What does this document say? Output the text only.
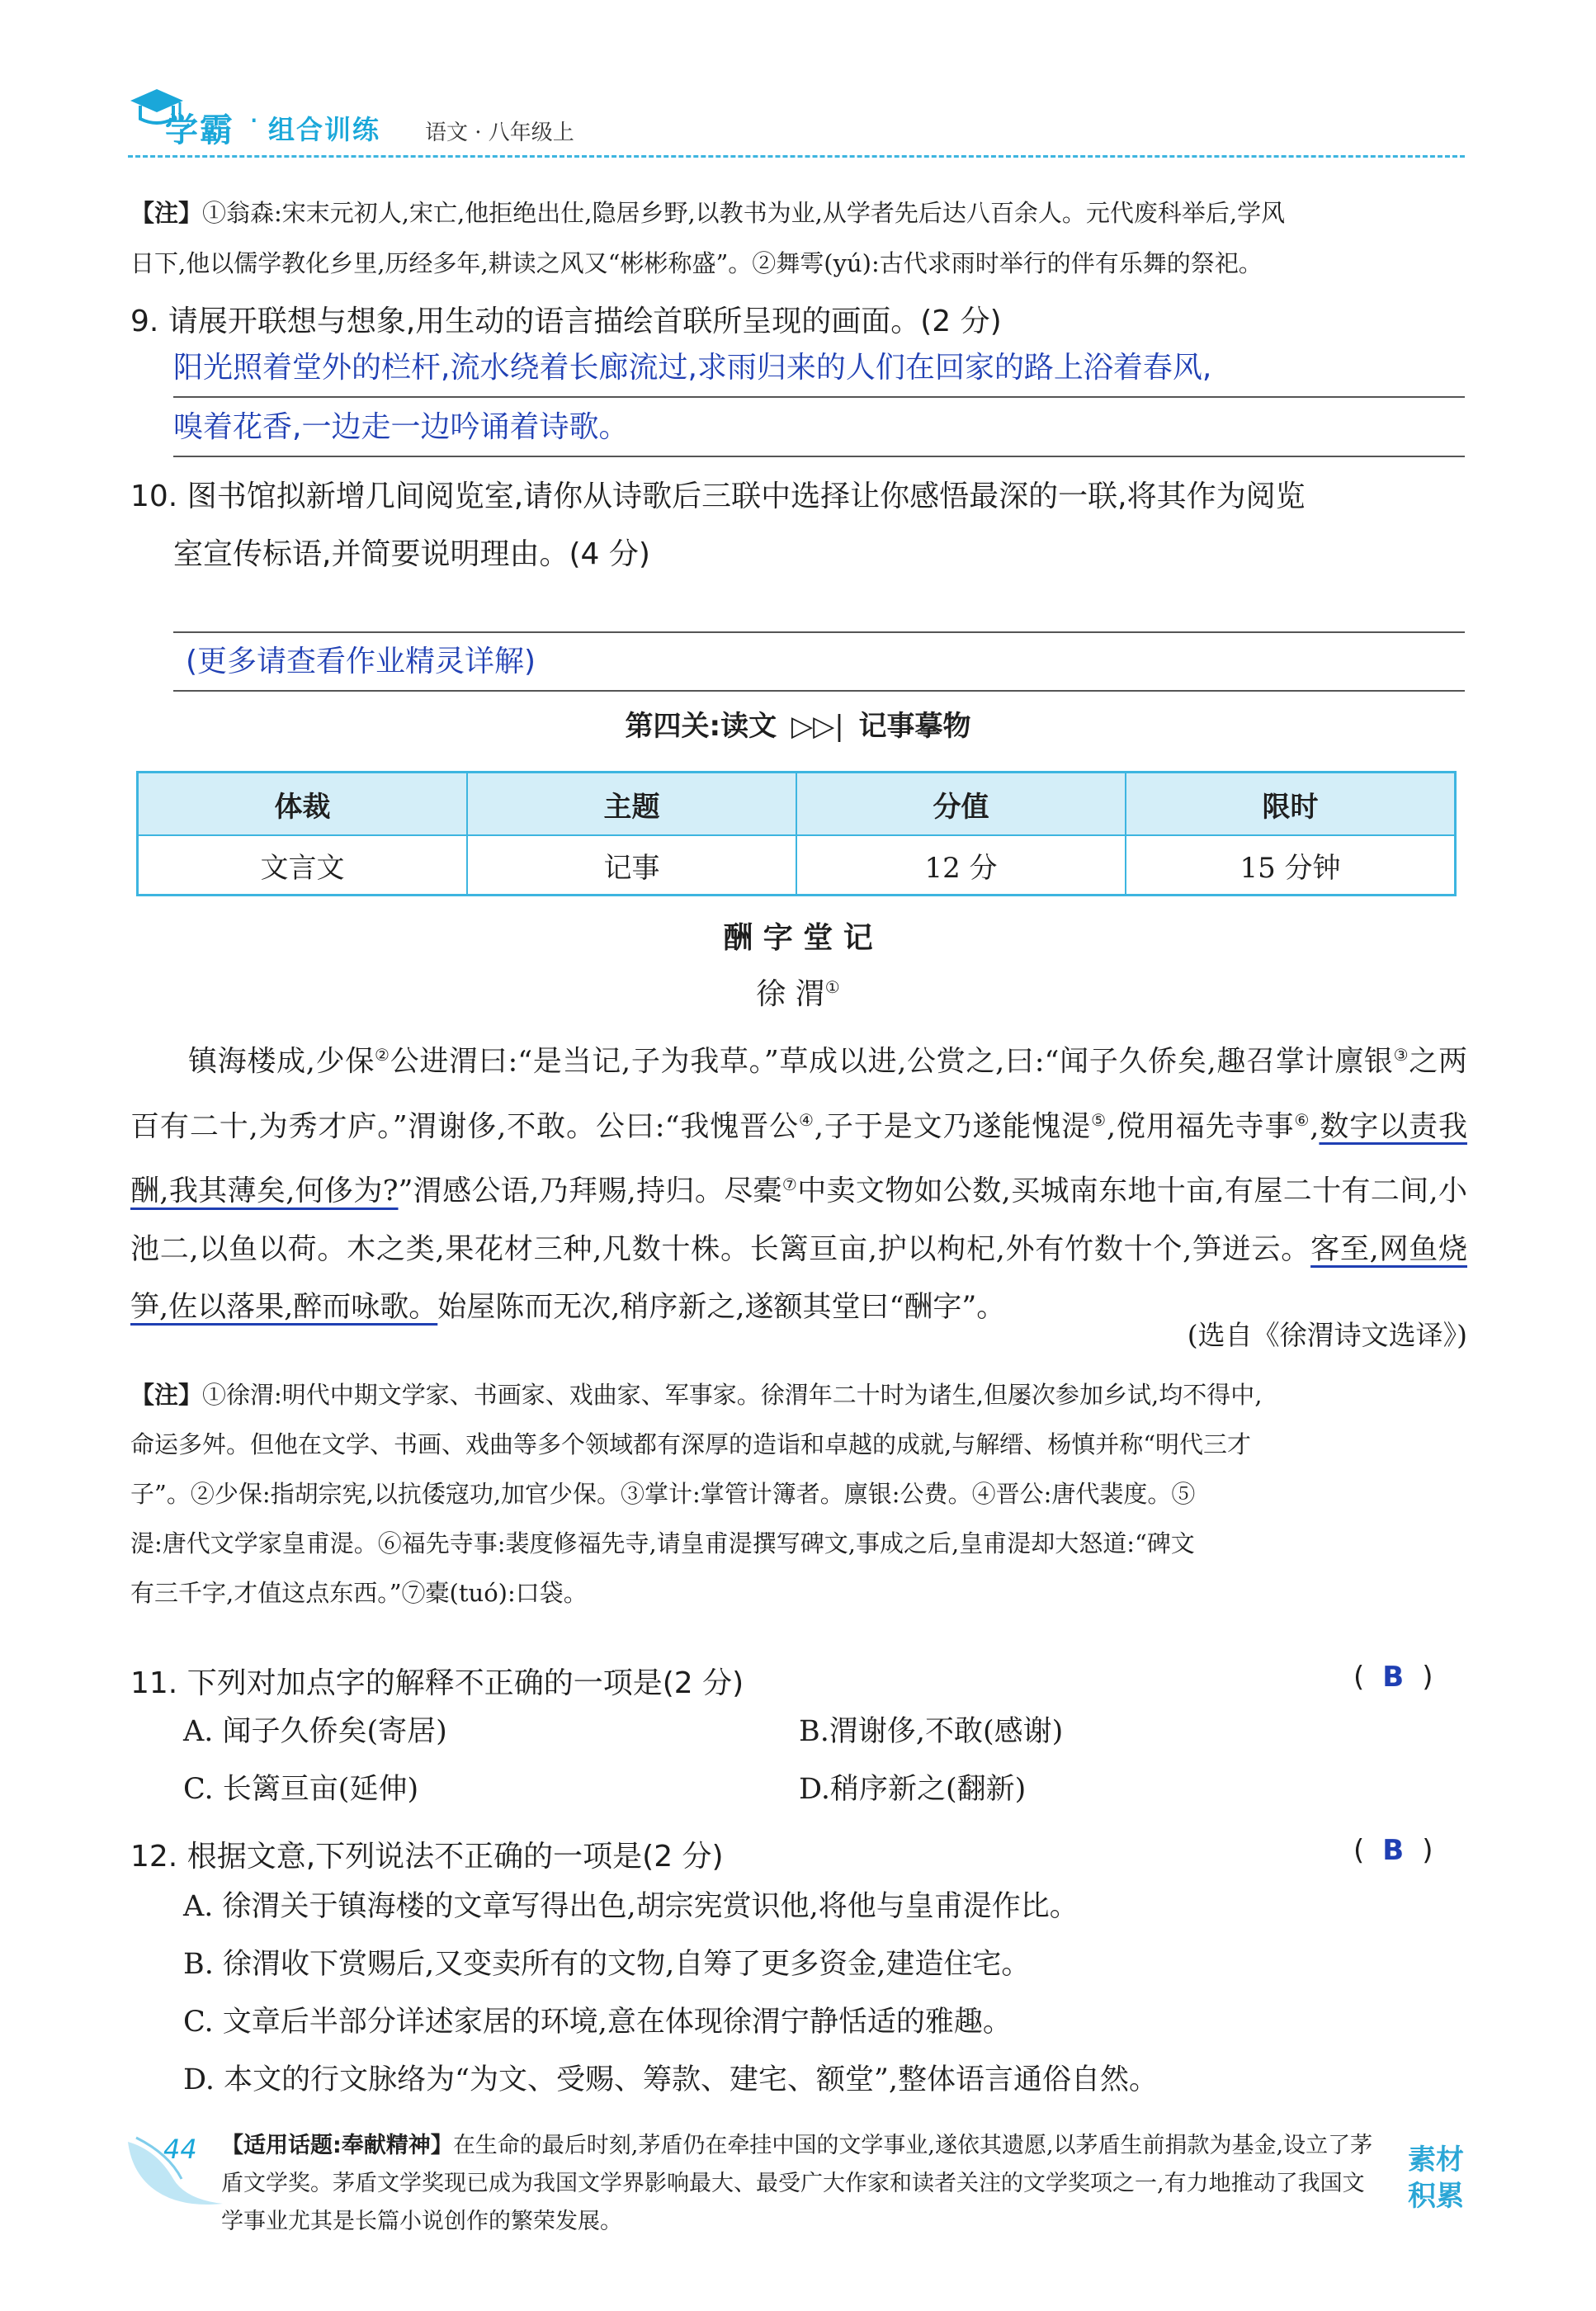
学霸 · 组合训练 语文 · 八年级上
【注】①翁森:宋末元初人,宋亡,他拒绝出仕,隐居乡野,以教书为业,从学者先后达八百余人。元代废科举后,学风
日下,他以儒学教化乡里,历经多年,耕读之风又“彬彬称盛”。②舞雩(yú):古代求雨时举行的伴有乐舞的祭祀。
9. 请展开联想与想象,用生动的语言描绘首联所呈现的画面。(2 分)
阳光照着堂外的栏杆,流水绕着长廊流过,求雨归来的人们在回家的路上浴着春风,
嗅着花香,一边走一边吟诵着诗歌。
10. 图书馆拟新增几间阅览室,请你从诗歌后三联中选择让你感悟最深的一联,将其作为阅览
室宣传标语,并简要说明理由。(4 分)
(更多请查看作业精灵详解)
第四关:读文 ▷▷| 记事摹物
体裁	主题	分值	限时
文言文	记事	12 分	15 分钟
酬 字 堂 记
徐 渭①

镇海楼成,少保②公进渭曰:“是当记,子为我草。”草成以进,公赏之,曰:“闻子久侨矣,趣召掌计廪银③之两百有二十,为秀才庐。”渭谢侈,不敢。公曰:“我愧晋公④,子于是文乃遂能愧湜⑤,傥用福先寺事⑥,数字以责我酬,我其薄矣,何侈为?”渭感公语,乃拜赐,持归。尽橐⑦中卖文物如公数,买城南东地十亩,有屋二十有二间,小池二,以鱼以荷。木之类,果花材三种,凡数十株。长篱亘亩,护以枸杞,外有竹数十个,笋迸云。客至,网鱼烧笋,佐以落果,醉而咏歌。始屋陈而无次,稍序新之,遂额其堂曰“酬字”。

(选自《徐渭诗文选译》)
【注】①徐渭:明代中期文学家、书画家、戏曲家、军事家。徐渭年二十时为诸生,但屡次参加乡试,均不得中,
命运多舛。但他在文学、书画、戏曲等多个领域都有深厚的造诣和卓越的成就,与解缙、杨慎并称“明代三才
子”。②少保:指胡宗宪,以抗倭寇功,加官少保。③掌计:掌管计簿者。廪银:公费。④晋公:唐代裴度。⑤
湜:唐代文学家皇甫湜。⑥福先寺事:裴度修福先寺,请皇甫湜撰写碑文,事成之后,皇甫湜却大怒道:“碑文
有三千字,才值这点东西。”⑦橐(tuó):口袋。
11. 下列对加点字的解释不正确的一项是(2 分)	( B )
A. 闻子久侨矣(寄居)	B.渭谢侈,不敢(感谢)
C. 长篱亘亩(延伸)	D.稍序新之(翻新)
12. 根据文意,下列说法不正确的一项是(2 分)	( B )
A. 徐渭关于镇海楼的文章写得出色,胡宗宪赏识他,将他与皇甫湜作比。
B. 徐渭收下赏赐后,又变卖所有的文物,自筹了更多资金,建造住宅。
C. 文章后半部分详述家居的环境,意在体现徐渭宁静恬适的雅趣。
D. 本文的行文脉络为“为文、受赐、筹款、建宅、额堂”,整体语言通俗自然。
44 【适用话题:奉献精神】在生命的最后时刻,茅盾仍在牵挂中国的文学事业,遂依其遗愿,以茅盾生前捐款为基金,设立了茅盾文学奖。茅盾文学奖现已成为我国文学界影响最大、最受广大作家和读者关注的文学奖项之一,有力地推动了我国文学事业尤其是长篇小说创作的繁荣发展。
素材
积累
